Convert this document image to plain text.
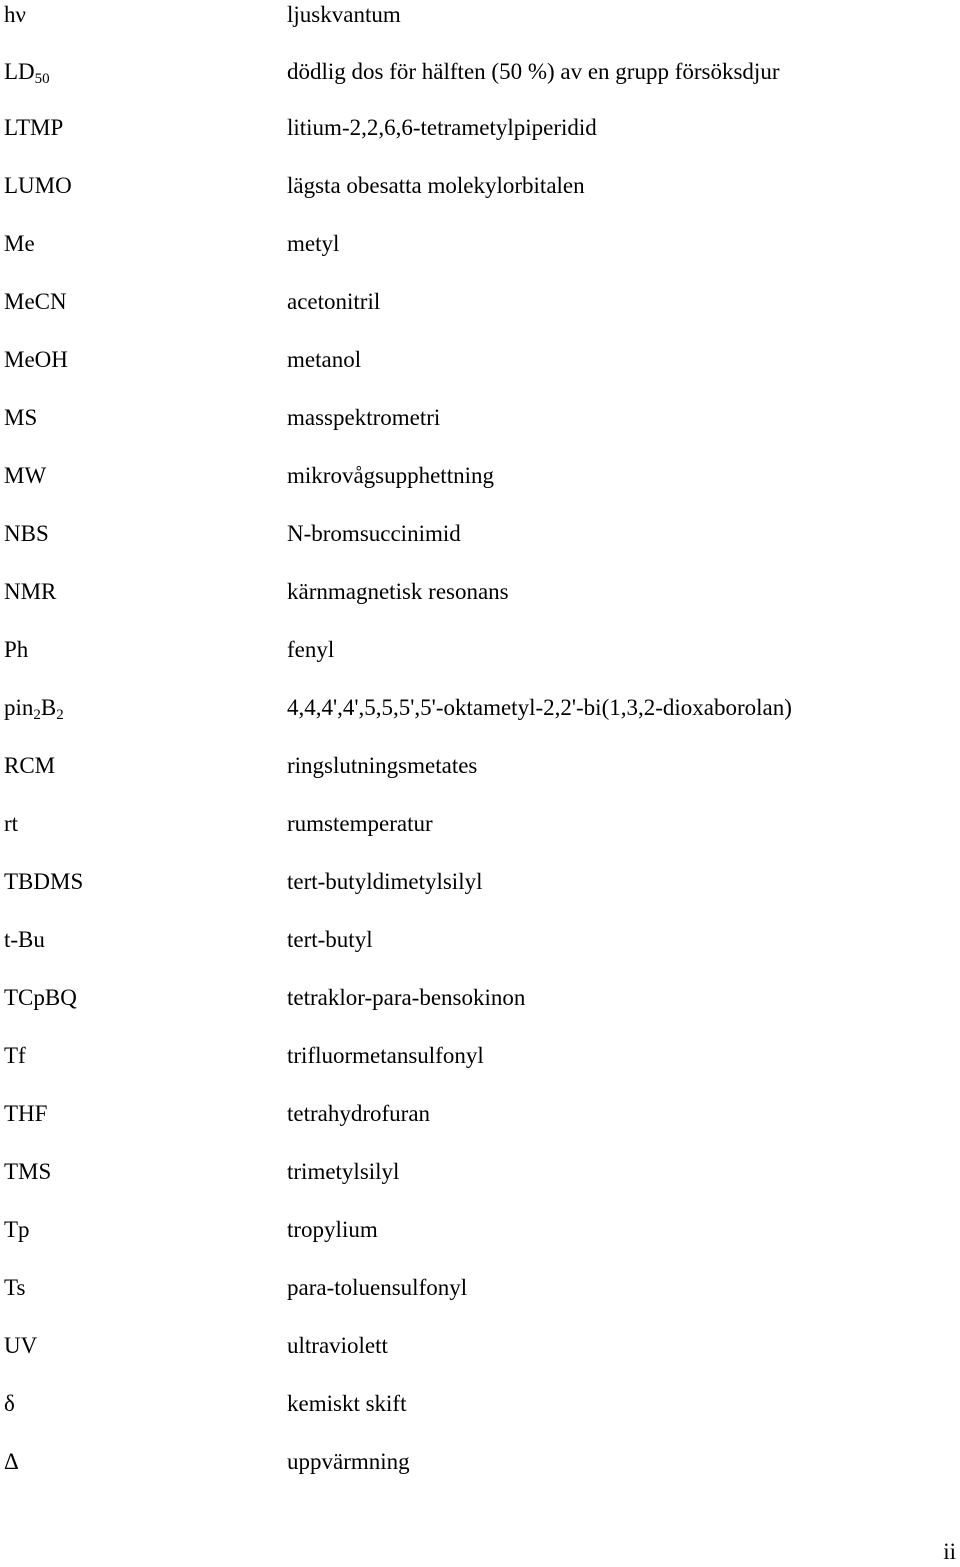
hν	ljuskvantum
$LD_{50}$	dödlig dos för hälften (50 %) av en grupp försöksdjur
LTMP	litium-2,2,6,6-tetrametylpiperidid
LUMO	lägsta obesatta molekylorbitalen
Me	metyl
MeCN	acetonitril
MeOH	metanol
MS	masspektrometri
MW	mikrovågsupphettning
NBS	N-bromsuccinimid
NMR	kärnmagnetisk resonans
Ph	fenyl
$pin_2B_2$	4,4,4',4',5,5,5',5'-oktametyl-2,2'-bi(1,3,2-dioxaborolan)
RCM	ringslutningsmetates
rt	rumstemperatur
TBDMS	tert-butyldimetylsilyl
t-Bu	tert-butyl
TCpBQ	tetraklor-para-bensokinon
Tf	trifluormetansulfonyl
THF	tetrahydrofuran
TMS	trimetylsilyl
Tp	tropylium
Ts	para-toluensulfonyl
UV	ultraviolett
δ	kemiskt skift
Δ	uppvärmning
ii
